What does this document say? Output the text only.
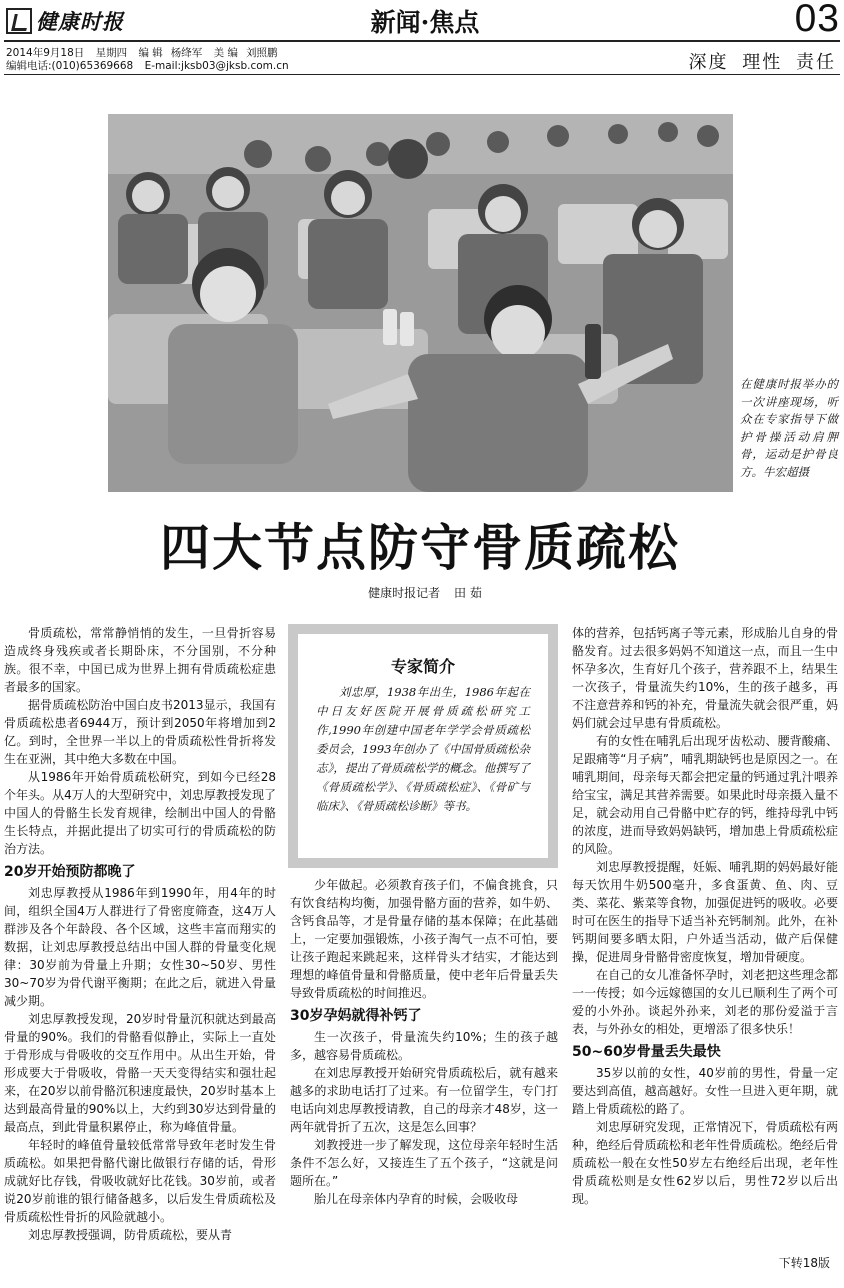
健康时报	新闻·焦点	03
2014年9月18日 星期四 编 辑 杨绛军 美 编 刘照鹏
编辑电话:(010)65369668 E-mail:jksb03@jksb.com.cn	深度 理性 责任
在健康时报举办的一次讲座现场，听众在专家指导下做护骨操活动肩胛骨，运动是护骨良方。牛宏超摄
四大节点防守骨质疏松
健康时报记者 田 茹

骨质疏松，常常静悄悄的发生，一旦骨折容易造成终身残疾或者长期卧床，不分国别，不分种族。很不幸，中国已成为世界上拥有骨质疏松症患者最多的国家。

据骨质疏松防治中国白皮书2013显示，我国有骨质疏松患者6944万，预计到2050年将增加到2亿。到时，全世界一半以上的骨质疏松性骨折将发生在亚洲，其中绝大多数在中国。

从1986年开始骨质疏松研究，到如今已经28个年头。从4万人的大型研究中，刘忠厚教授发现了中国人的骨骼生长发育规律，绘制出中国人的骨骼生长特点，并据此提出了切实可行的骨质疏松的防治方法。

20岁开始预防都晚了

刘忠厚教授从1986年到1990年，用4年的时间，组织全国4万人群进行了骨密度筛查，这4万人群涉及各个年龄段、各个区域，这些丰富而翔实的数据，让刘忠厚教授总结出中国人群的骨量变化规律：30岁前为骨量上升期；女性30~50岁、男性30~70岁为骨代谢平衡期；在此之后，就进入骨量减少期。

刘忠厚教授发现，20岁时骨量沉积就达到最高骨量的90%。我们的骨骼看似静止，实际上一直处于骨形成与骨吸收的交互作用中。从出生开始，骨形成要大于骨吸收，骨骼一天天变得结实和强壮起来，在20岁以前骨骼沉积速度最快，20岁时基本上达到最高骨量的90%以上，大约到30岁达到骨量的最高点，到此骨量积累停止，称为峰值骨量。

年轻时的峰值骨量较低常常导致年老时发生骨质疏松。如果把骨骼代谢比做银行存储的话，骨形成就好比存钱，骨吸收就好比花钱。30岁前，或者说20岁前谁的银行储备越多，以后发生骨质疏松及骨质疏松性骨折的风险就越小。

刘忠厚教授强调，防骨质疏松，要从青

专家简介
刘忠厚，1938年出生，1986年起在中日友好医院开展骨质疏松研究工作,1990年创建中国老年学学会骨质疏松委员会，1993年创办了《中国骨质疏松杂志》，提出了骨质疏松学的概念。他撰写了《骨质疏松学》、《骨质疏松症》、《骨矿与临床》、《骨质疏松诊断》等书。

少年做起。必须教育孩子们，不偏食挑食，只有饮食结构均衡，加强骨骼方面的营养，如牛奶、含钙食品等，才是骨量存储的基本保障；在此基础上，一定要加强锻炼，小孩子淘气一点不可怕，要让孩子跑起来跳起来，这样骨头才结实，才能达到理想的峰值骨量和骨骼质量，使中老年后骨量丢失导致骨质疏松的时间推迟。

30岁孕妈就得补钙了

生一次孩子，骨量流失约10%；生的孩子越多，越容易骨质疏松。

在刘忠厚教授开始研究骨质疏松后，就有越来越多的求助电话打了过来。有一位留学生，专门打电话向刘忠厚教授请教，自己的母亲才48岁，这一两年就骨折了五次，这是怎么回事？

刘教授进一步了解发现，这位母亲年轻时生活条件不怎么好，又接连生了五个孩子，“这就是问题所在。”

胎儿在母亲体内孕育的时候，会吸收母

体的营养，包括钙离子等元素，形成胎儿自身的骨骼发育。过去很多妈妈不知道这一点，而且一生中怀孕多次，生育好几个孩子，营养跟不上，结果生一次孩子，骨量流失约10%，生的孩子越多，再不注意营养和钙的补充，骨量流失就会很严重，妈妈们就会过早患有骨质疏松。

有的女性在哺乳后出现牙齿松动、腰背酸痛、足跟痛等“月子病”，哺乳期缺钙也是原因之一。在哺乳期间，母亲每天都会把定量的钙通过乳汁喂养给宝宝，满足其营养需要。如果此时母亲摄入量不足，就会动用自己骨骼中贮存的钙，维持母乳中钙的浓度，进而导致妈妈缺钙，增加患上骨质疏松症的风险。

刘忠厚教授提醒，妊娠、哺乳期的妈妈最好能每天饮用牛奶500毫升，多食蛋黄、鱼、肉、豆类、菜花、紫菜等食物，加强促进钙的吸收。必要时可在医生的指导下适当补充钙制剂。此外，在补钙期间要多晒太阳，户外适当活动，做产后保健操，促进周身骨骼骨密度恢复，增加骨硬度。

在自己的女儿准备怀孕时，刘老把这些理念都一一传授；如今远嫁德国的女儿已顺利生了两个可爱的小外孙。谈起外孙来，刘老的那份爱溢于言表，与外孙女的相处，更增添了很多快乐！

50~60岁骨量丢失最快

35岁以前的女性，40岁前的男性，骨量一定要达到高值，越高越好。女性一旦进入更年期，就踏上骨质疏松的路了。

刘忠厚研究发现，正常情况下，骨质疏松有两种，绝经后骨质疏松和老年性骨质疏松。绝经后骨质疏松一般在女性50岁左右绝经后出现，老年性骨质疏松则是女性62岁以后，男性72岁以后出现。

下转18版
